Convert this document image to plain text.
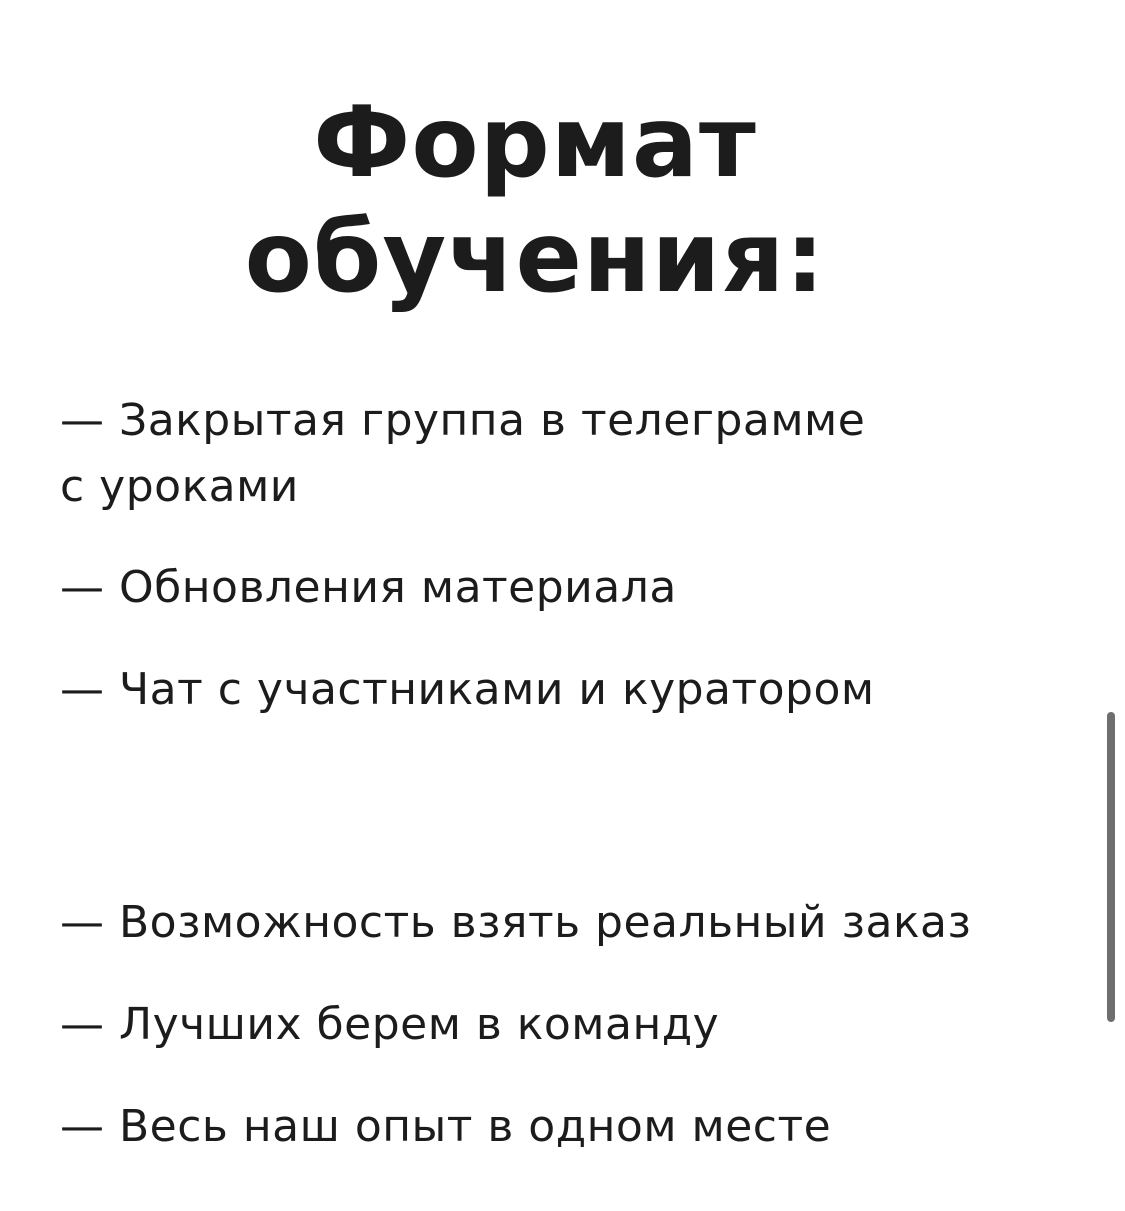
Формат
обучения:
— Закрытая группа в телеграмме
с уроками
— Обновления материала
— Чат с участниками и куратором
— Возможность взять реальный заказ
— Лучших берем в команду
— Весь наш опыт в одном месте
